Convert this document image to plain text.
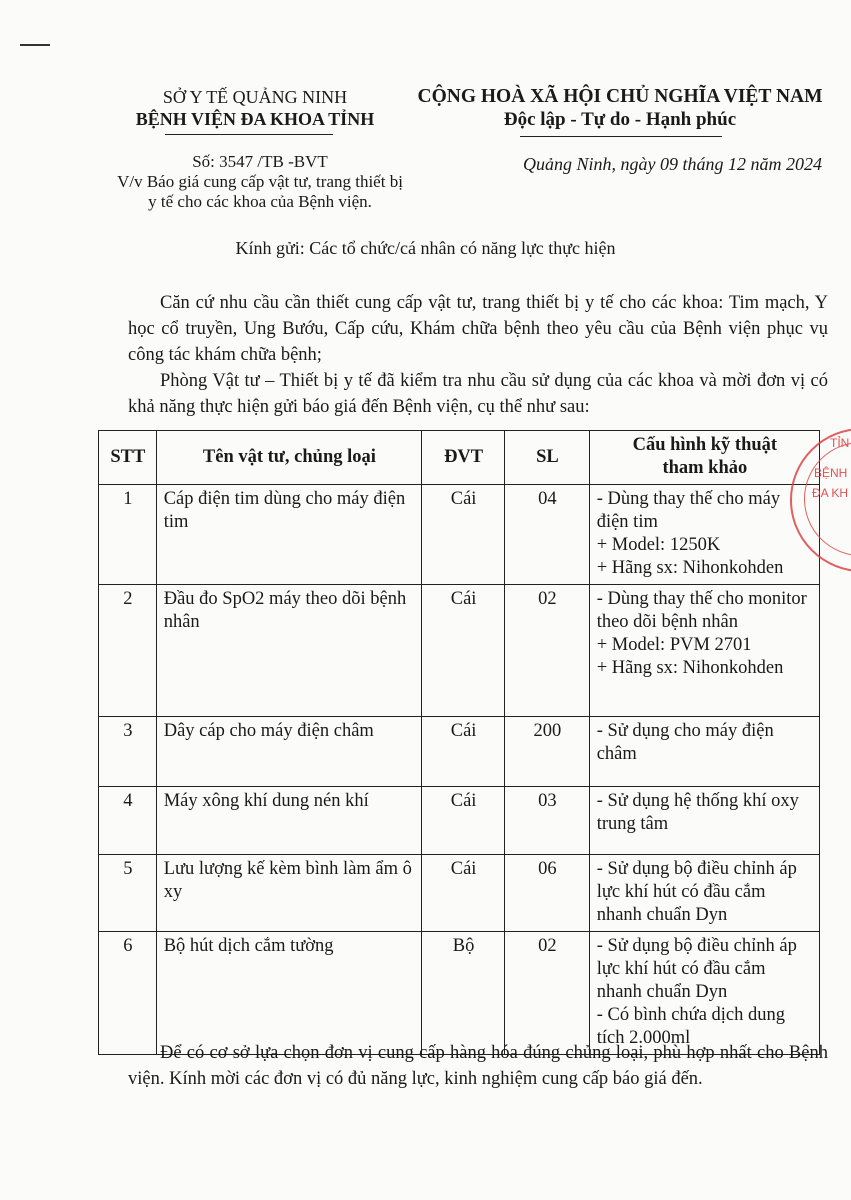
SỞ Y TẾ QUẢNG NINH
BỆNH VIỆN ĐA KHOA TỈNH
CỘNG HOÀ XÃ HỘI CHỦ NGHĨA VIỆT NAM
Độc lập - Tự do - Hạnh phúc
Số: 3547 /TB -BVT
V/v Báo giá cung cấp vật tư, trang thiết bị
y tế cho các khoa của Bệnh viện.
Quảng Ninh, ngày 09 tháng 12 năm 2024
Kính gửi: Các tổ chức/cá nhân có năng lực thực hiện
Căn cứ nhu cầu cần thiết cung cấp vật tư, trang thiết bị y tế cho các khoa: Tim mạch, Y học cổ truyền, Ung Bướu, Cấp cứu, Khám chữa bệnh theo yêu cầu của Bệnh viện phục vụ công tác khám chữa bệnh;
Phòng Vật tư – Thiết bị y tế đã kiểm tra nhu cầu sử dụng của các khoa và mời đơn vị có khả năng thực hiện gửi báo giá đến Bệnh viện, cụ thể như sau:
STT	Tên vật tư, chủng loại	ĐVT	SL	Cấu hình kỹ thuật
tham khảo

1	Cáp điện tim dùng cho máy điện tim	Cái	04	- Dùng thay thế cho máy điện tim
+ Model: 1250K
+ Hãng sx: Nihonkohden

2	Đầu đo SpO2 máy theo dõi bệnh nhân	Cái	02	- Dùng thay thế cho monitor theo dõi bệnh nhân
+ Model: PVM 2701
+ Hãng sx: Nihonkohden

3	Dây cáp cho máy điện châm	Cái	200	- Sử dụng cho máy điện châm

4	Máy xông khí dung nén khí	Cái	03	- Sử dụng hệ thống khí oxy trung tâm

5	Lưu lượng kế kèm bình làm ẩm ô xy	Cái	06	- Sử dụng bộ điều chỉnh áp lực khí hút có đầu cắm nhanh chuẩn Dyn

6	Bộ hút dịch cắm tường	Bộ	02	- Sử dụng bộ điều chỉnh áp lực khí hút có đầu cắm nhanh chuẩn Dyn
- Có bình chứa dịch dung tích 2.000ml
Để có cơ sở lựa chọn đơn vị cung cấp hàng hóa đúng chủng loại, phù hợp nhất cho Bệnh viện. Kính mời các đơn vị có đủ năng lực, kinh nghiệm cung cấp báo giá đến.
TỈN
BỆNH
ĐA KH
